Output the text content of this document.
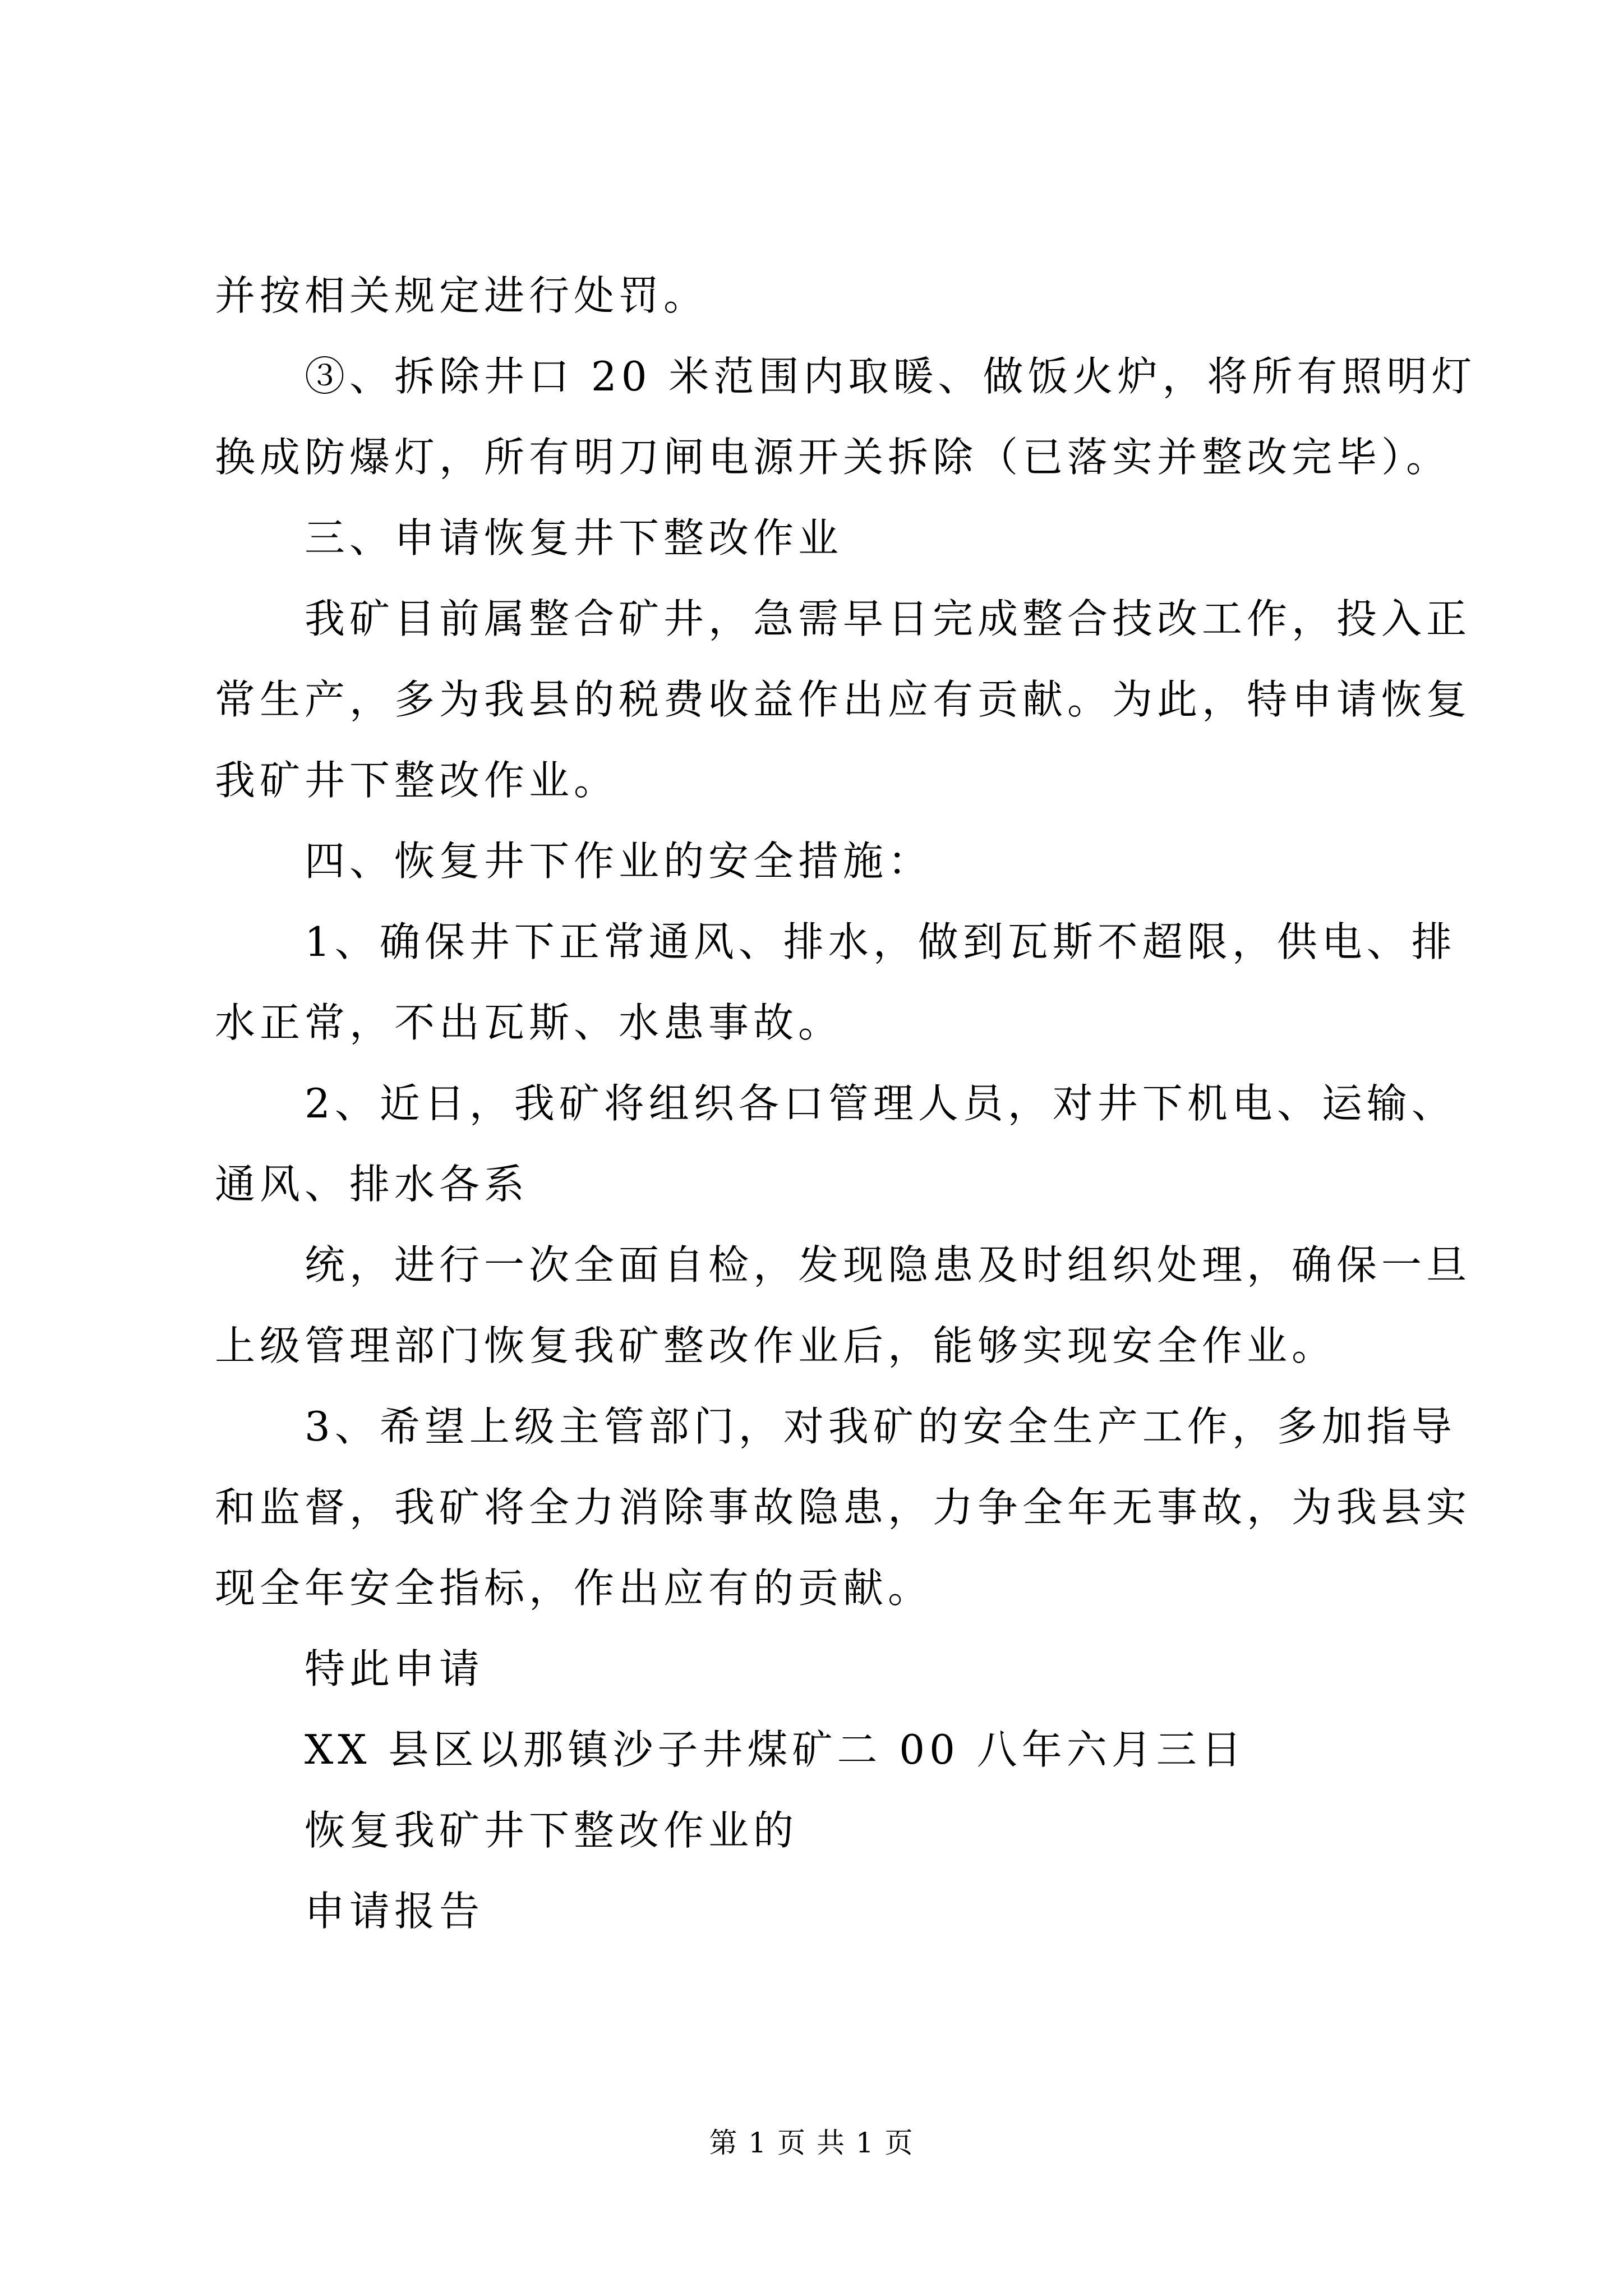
并按相关规定进行处罚。
③、拆除井口 20 米范围内取暖、做饭火炉，将所有照明灯
换成防爆灯，所有明刀闸电源开关拆除（已落实并整改完毕）。
三、申请恢复井下整改作业
我矿目前属整合矿井，急需早日完成整合技改工作，投入正
常生产，多为我县的税费收益作出应有贡献。为此，特申请恢复
我矿井下整改作业。
四、恢复井下作业的安全措施：
1、确保井下正常通风、排水，做到瓦斯不超限，供电、排
水正常，不出瓦斯、水患事故。
2、近日，我矿将组织各口管理人员，对井下机电、运输、
通风、排水各系
统，进行一次全面自检，发现隐患及时组织处理，确保一旦
上级管理部门恢复我矿整改作业后，能够实现安全作业。
3、希望上级主管部门，对我矿的安全生产工作，多加指导
和监督，我矿将全力消除事故隐患，力争全年无事故，为我县实
现全年安全指标，作出应有的贡献。
特此申请
XX 县区以那镇沙子井煤矿二 00 八年六月三日
恢复我矿井下整改作业的
申请报告
第 1 页 共 1 页
